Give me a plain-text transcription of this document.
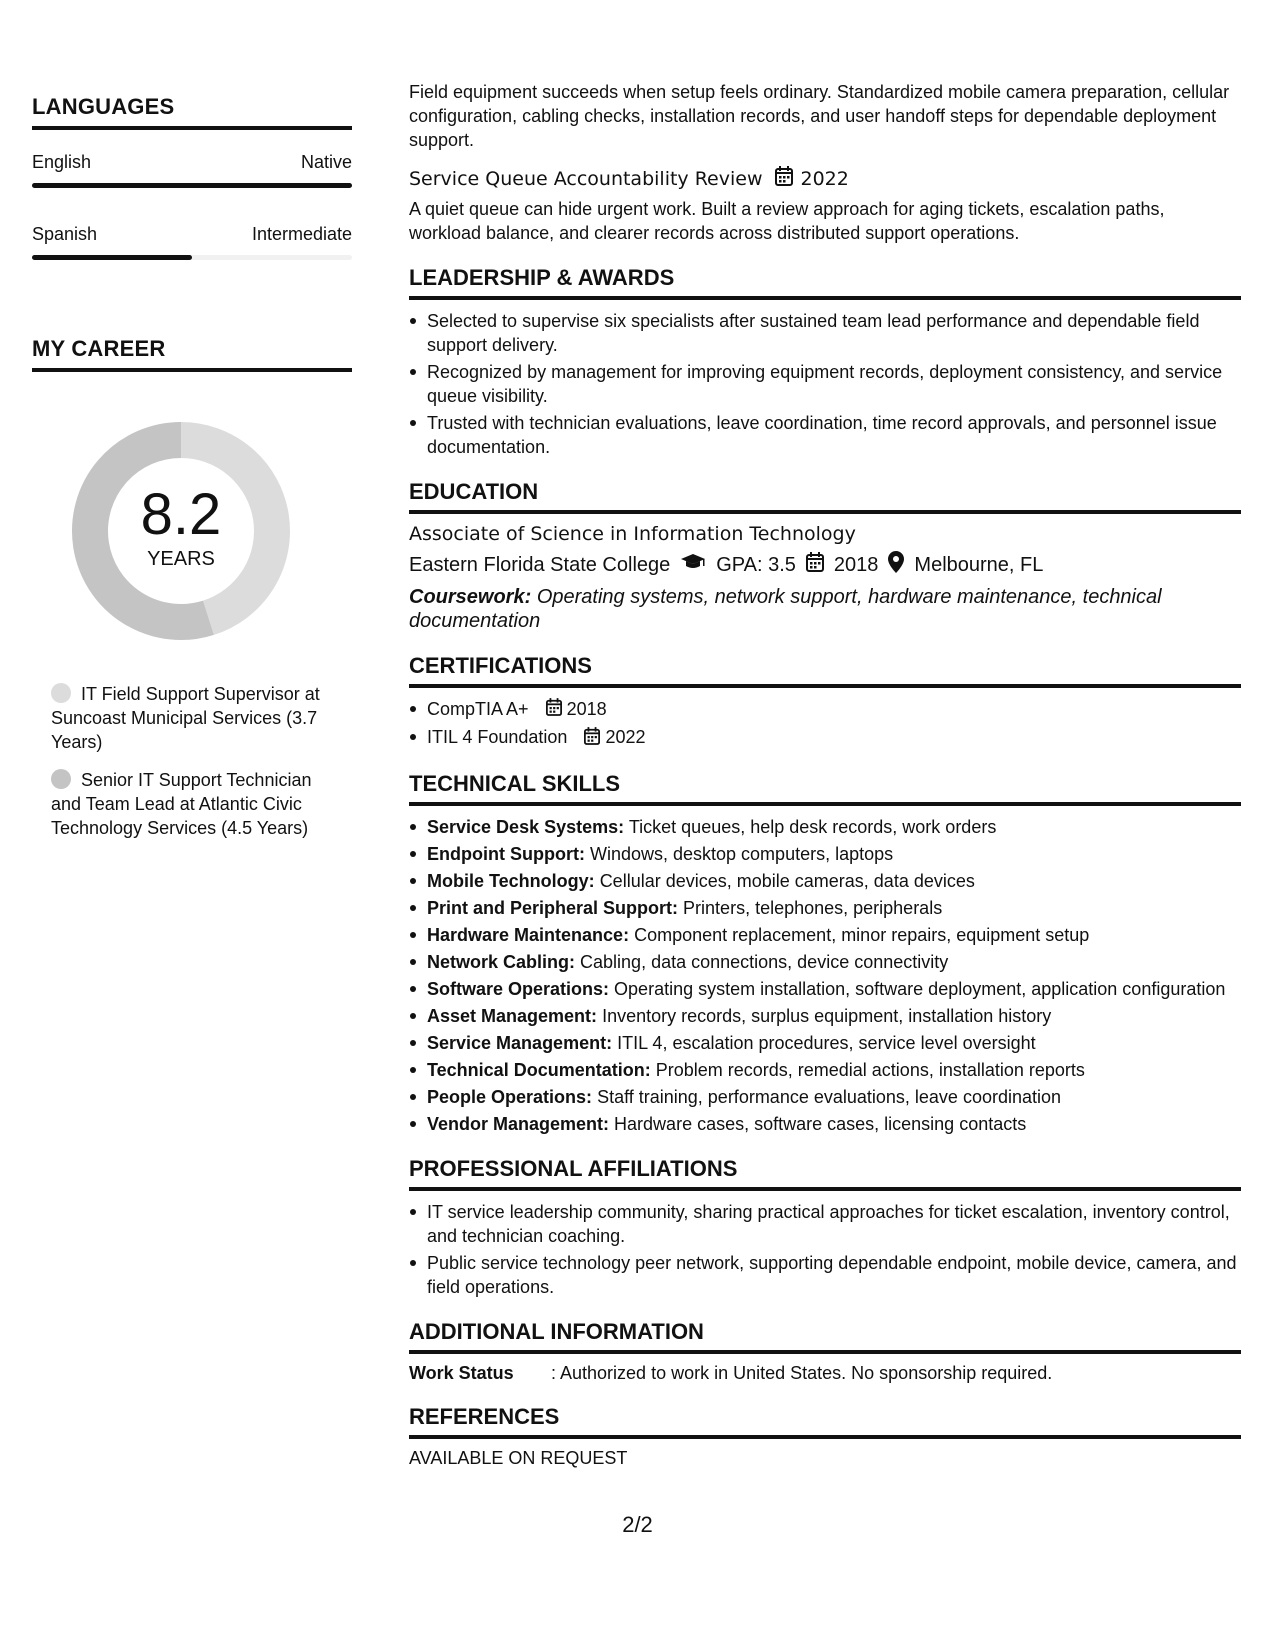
LANGUAGES
English	Native
Spanish	Intermediate
MY CAREER
8.2
YEARS
IT Field Support Supervisor at Suncoast Municipal Services (3.7 Years)
Senior IT Support Technician and Team Lead at Atlantic Civic Technology Services (4.5 Years)
Field equipment succeeds when setup feels ordinary. Standardized mobile camera preparation, cellular configuration, cabling checks, installation records, and user handoff steps for dependable deployment support.
Service Queue Accountability Review 2022
A quiet queue can hide urgent work. Built a review approach for aging tickets, escalation paths, workload balance, and clearer records across distributed support operations.
LEADERSHIP & AWARDS
Selected to supervise six specialists after sustained team lead performance and dependable field support delivery.
Recognized by management for improving equipment records, deployment consistency, and service queue visibility.
Trusted with technician evaluations, leave coordination, time record approvals, and personnel issue documentation.
EDUCATION
Associate of Science in Information Technology
Eastern Florida State College GPA: 3.5 2018 Melbourne, FL
Coursework: Operating systems, network support, hardware maintenance, technical documentation
CERTIFICATIONS
CompTIA A+ 2018
ITIL 4 Foundation 2022
TECHNICAL SKILLS
Service Desk Systems: Ticket queues, help desk records, work orders
Endpoint Support: Windows, desktop computers, laptops
Mobile Technology: Cellular devices, mobile cameras, data devices
Print and Peripheral Support: Printers, telephones, peripherals
Hardware Maintenance: Component replacement, minor repairs, equipment setup
Network Cabling: Cabling, data connections, device connectivity
Software Operations: Operating system installation, software deployment, application configuration
Asset Management: Inventory records, surplus equipment, installation history
Service Management: ITIL 4, escalation procedures, service level oversight
Technical Documentation: Problem records, remedial actions, installation reports
People Operations: Staff training, performance evaluations, leave coordination
Vendor Management: Hardware cases, software cases, licensing contacts
PROFESSIONAL AFFILIATIONS
IT service leadership community, sharing practical approaches for ticket escalation, inventory control, and technician coaching.
Public service technology peer network, supporting dependable endpoint, mobile device, camera, and field operations.
ADDITIONAL INFORMATION
Work Status	: Authorized to work in United States. No sponsorship required.
REFERENCES
AVAILABLE ON REQUEST
2/2
